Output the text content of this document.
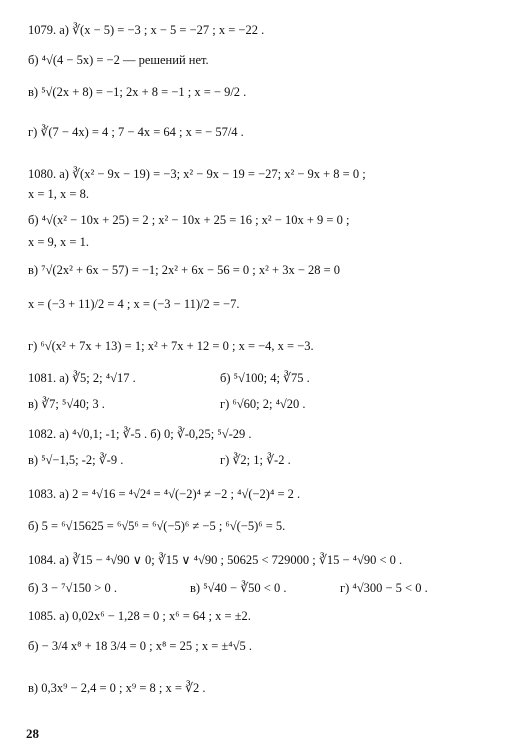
1079. а) ∛(x − 5) = −3 ; x − 5 = −27 ; x = −22 .
б) ⁴√(4 − 5x) = −2 — решений нет.
в) ⁵√(2x + 8) = −1; 2x + 8 = −1 ; x = − 9/2 .
г) ∛(7 − 4x) = 4 ; 7 − 4x = 64 ; x = − 57/4 .
1080. а) ∛(x² − 9x − 19) = −3; x² − 9x − 19 = −27; x² − 9x + 8 = 0 ;
x = 1, x = 8.
б) ⁴√(x² − 10x + 25) = 2 ; x² − 10x + 25 = 16 ; x² − 10x + 9 = 0 ;
x = 9, x = 1.
в) ⁷√(2x² + 6x − 57) = −1; 2x² + 6x − 56 = 0 ; x² + 3x − 28 = 0
x = (−3 + 11)/2 = 4 ; x = (−3 − 11)/2 = −7.
г) ⁶√(x² + 7x + 13) = 1; x² + 7x + 12 = 0 ; x = −4, x = −3.
1081. а) ∛5; 2; ⁴√17 .	б) ⁵√100; 4; ∛75 .
в) ∛7; ⁵√40; 3 .	г) ⁶√60; 2; ⁴√20 .
1082. а) ⁴√0,1; -1; ∛-5 . б) 0; ∛-0,25; ⁵√-29 .
в) ⁵√−1,5; -2; ∛-9 .	г) ∛2; 1; ∛-2 .
1083. а) 2 = ⁴√16 = ⁴√2⁴ = ⁴√(−2)⁴ ≠ −2 ; ⁴√(−2)⁴ = 2 .
б) 5 = ⁶√15625 = ⁶√5⁶ = ⁶√(−5)⁶ ≠ −5 ; ⁶√(−5)⁶ = 5.
1084. а) ∛15 − ⁴√90 ∨ 0; ∛15 ∨ ⁴√90 ; 50625 < 729000 ; ∛15 − ⁴√90 < 0 .
б) 3 − ⁷√150 > 0 .	в) ⁵√40 − ∛50 < 0 .	г) ⁴√300 − 5 < 0 .
1085. а) 0,02x⁶ − 1,28 = 0 ; x⁶ = 64 ; x = ±2.
б) − 3/4 x⁸ + 18 3/4 = 0 ; x⁸ = 25 ; x = ±⁴√5 .
в) 0,3x⁹ − 2,4 = 0 ; x⁹ = 8 ; x = ∛2 .
28
